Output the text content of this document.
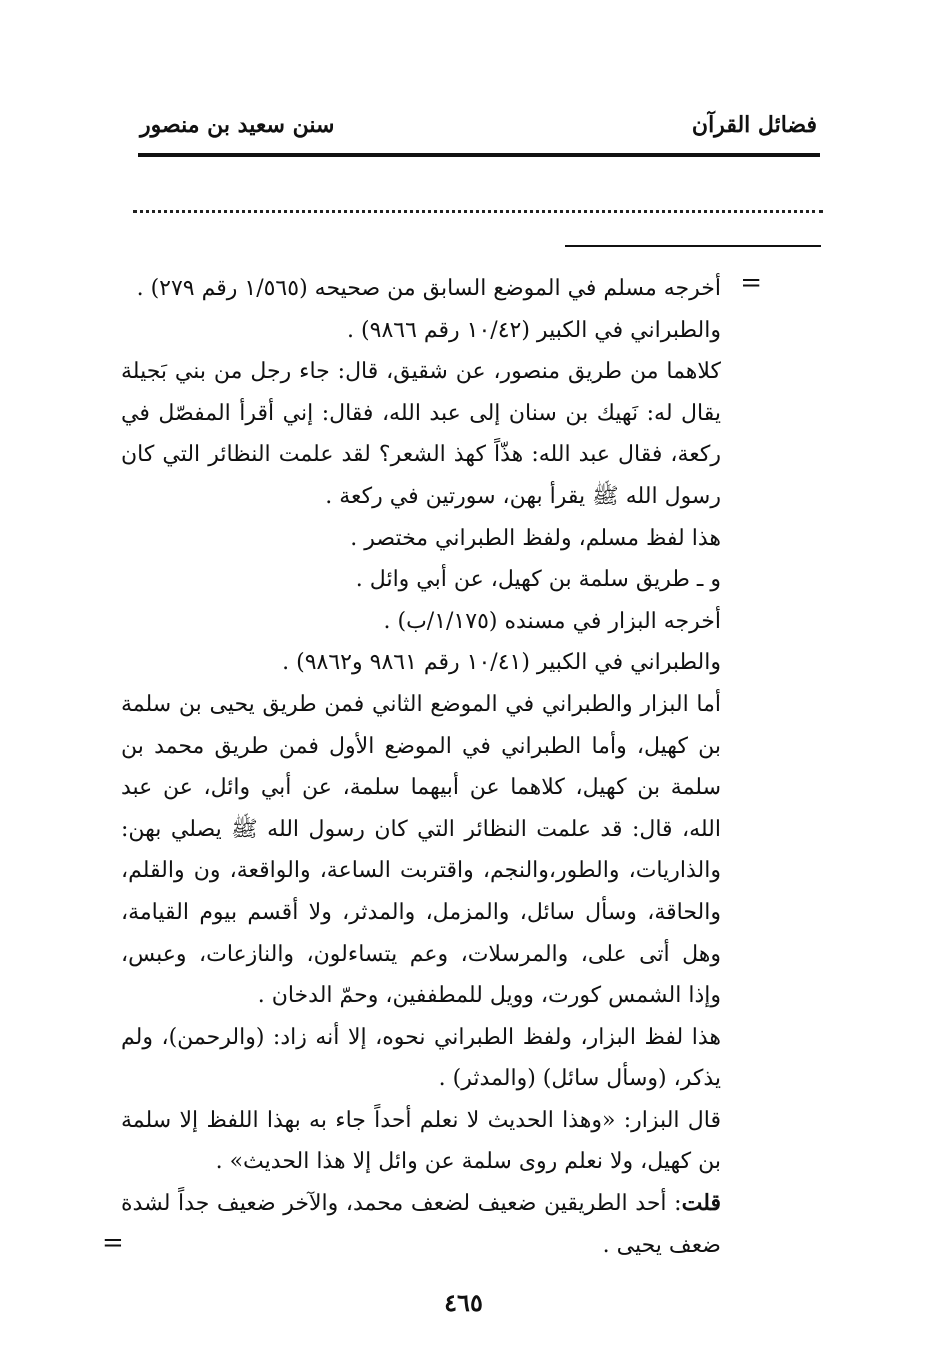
فضائل القرآن
سنن سعيد بن منصور
=

أخرجه مسلم في الموضع السابق من صحيحه (١/٥٦٥ رقم ٢٧٩) .

والطبراني في الكبير (١٠/٤٢ رقم ٩٨٦٦) .

كلاهما من طريق منصور، عن شقيق، قال: جاء رجل من بني بَجيلة يقال له: نَهيك بن سنان إلى عبد الله، فقال: إني أقرأ المفصّل في ركعة، فقال عبد الله: هذّاً كهذ الشعر؟ لقد علمت النظائر التي كان رسول الله ﷺ يقرأ بهن، سورتين في ركعة .

هذا لفظ مسلم، ولفظ الطبراني مختصر .

و ـ طريق سلمة بن كهيل، عن أبي وائل .

أخرجه البزار في مسنده (١/١٧٥/ب) .

والطبراني في الكبير (١٠/٤١ رقم ٩٨٦١ و٩٨٦٢) .

أما البزار والطبراني في الموضع الثاني فمن طريق يحيى بن سلمة بن كهيل، وأما الطبراني في الموضع الأول فمن طريق محمد بن سلمة بن كهيل، كلاهما عن أبيهما سلمة، عن أبي وائل، عن عبد الله، قال: قد علمت النظائر التي كان رسول الله ﷺ يصلي بهن: والذاريات، والطور،والنجم، واقتربت الساعة، والواقعة، ون والقلم، والحاقة، وسأل سائل، والمزمل، والمدثر، ولا أقسم بيوم القيامة، وهل أتى على، والمرسلات، وعم يتساءلون، والنازعات، وعبس، وإذا الشمس كورت، وويل للمطففين، وحمّ الدخان .

هذا لفظ البزار، ولفظ الطبراني نحوه، إلا أنه زاد: (والرحمن)، ولم يذكر، (وسأل سائل) (والمدثر) .

قال البزار: «وهذا الحديث لا نعلم أحداً جاء به بهذا اللفظ إلا سلمة بن كهيل، ولا نعلم روى سلمة عن وائل إلا هذا الحديث» .

قلت: أحد الطريقين ضعيف لضعف محمد، والآخر ضعيف جداً لشدة ضعف يحيى .

=
٤٦٥
